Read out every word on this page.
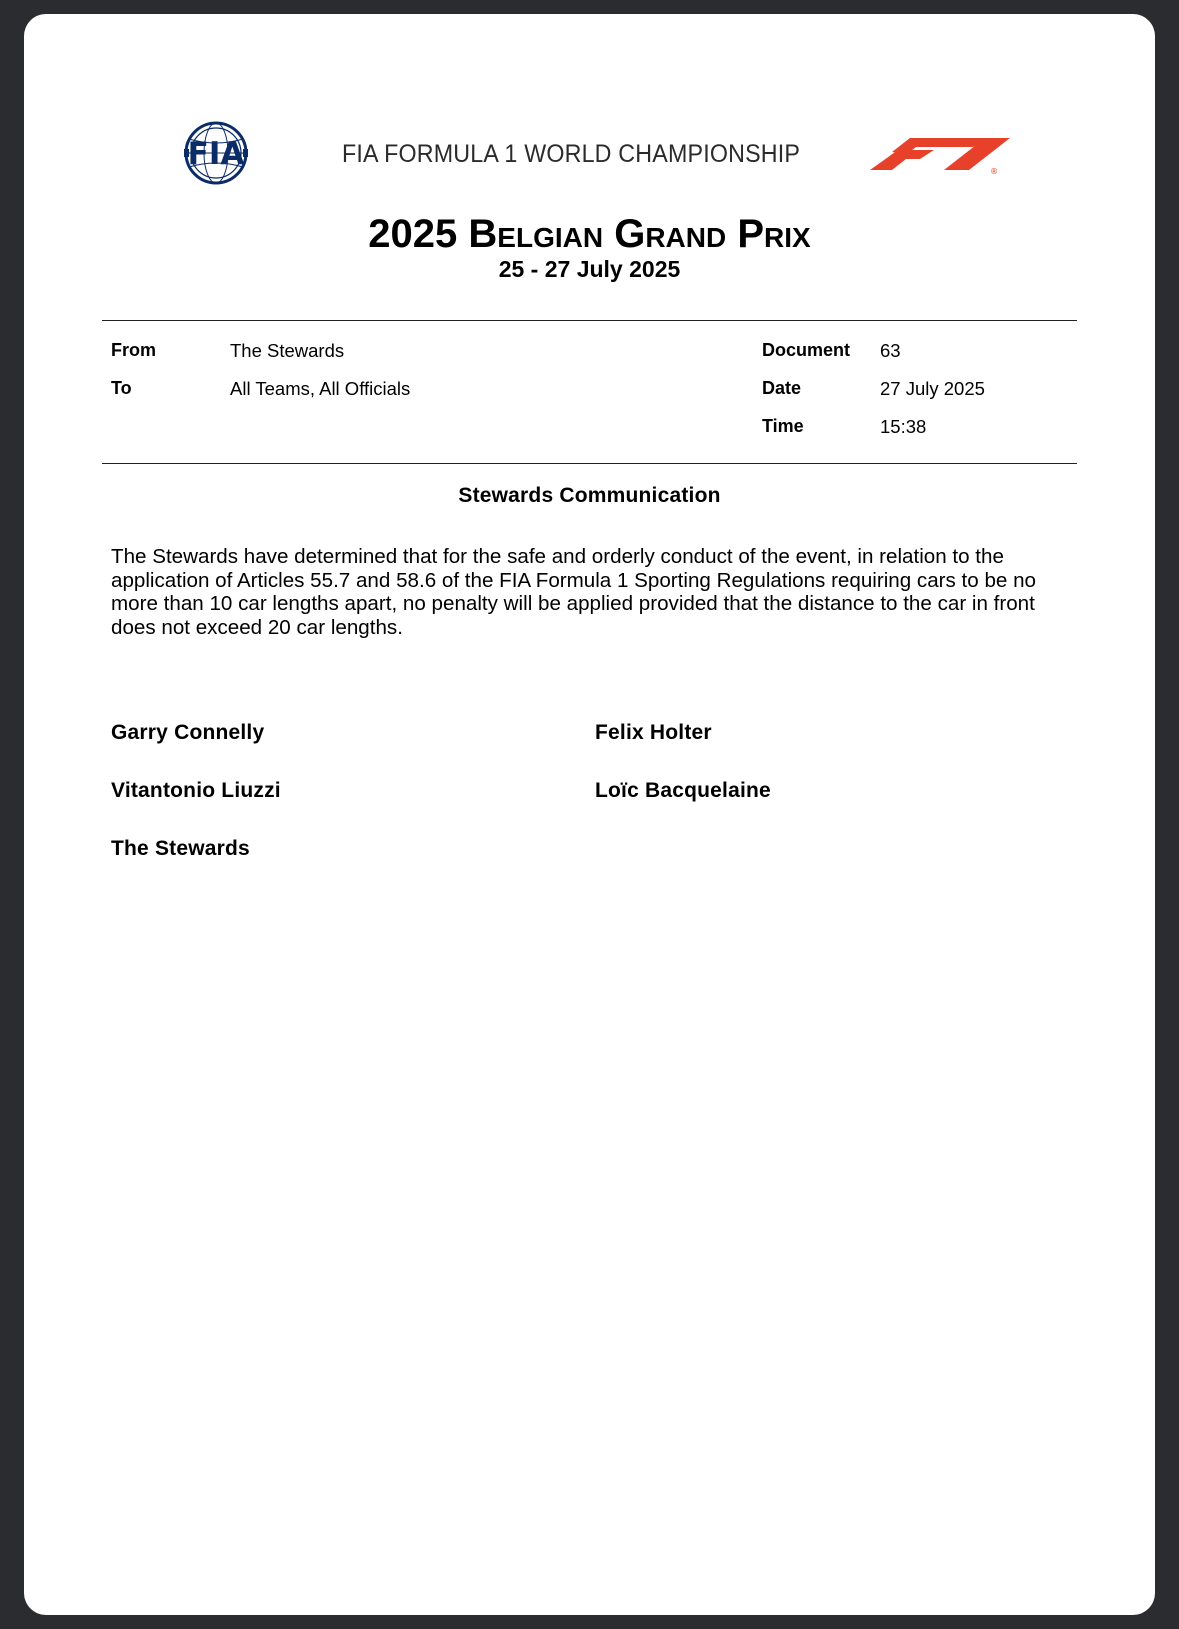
FIA	FIA FORMULA 1 WORLD CHAMPIONSHIP
®
2025 Belgian Grand Prix
25 - 27 July 2025
From	The Stewards
To	All Teams, All Officials
Document 63
Date	27 July 2025
Time	15:38
Stewards Communication
The Stewards have determined that for the safe and orderly conduct of the event, in relation to the application of Articles 55.7 and 58.6 of the FIA Formula 1 Sporting Regulations requiring cars to be no more than 10 car lengths apart, no penalty will be applied provided that the distance to the car in front does not exceed 20 car lengths.
Garry Connelly	Felix Holter
Vitantonio Liuzzi	Loïc Bacquelaine
The Stewards
